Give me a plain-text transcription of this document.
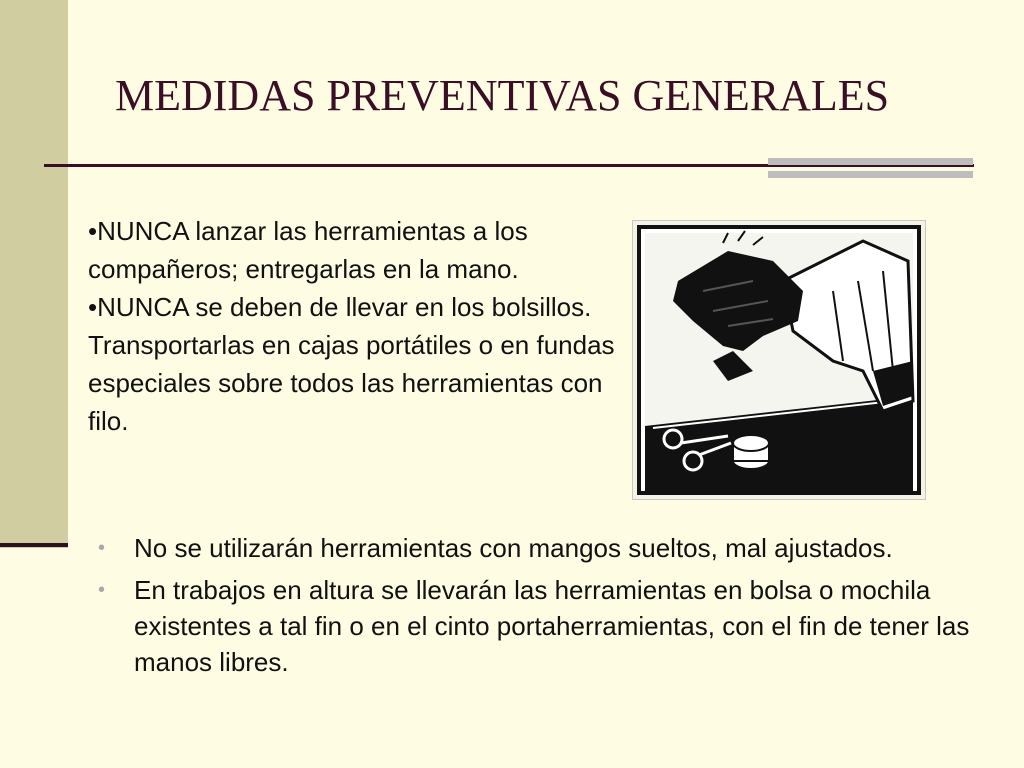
MEDIDAS PREVENTIVAS GENERALES

•NUNCA lanzar las herramientas a los compañeros; entregarlas en la mano.

•NUNCA se deben de llevar en los bolsillos. Transportarlas en cajas portátiles o en fundas especiales sobre todos las herramientas con filo.

• No se utilizarán herramientas con mangos sueltos, mal ajustados.
• En trabajos en altura se llevarán las herramientas en bolsa o mochila existentes a tal fin o en el cinto portaherramientas, con el fin de tener las manos libres.
